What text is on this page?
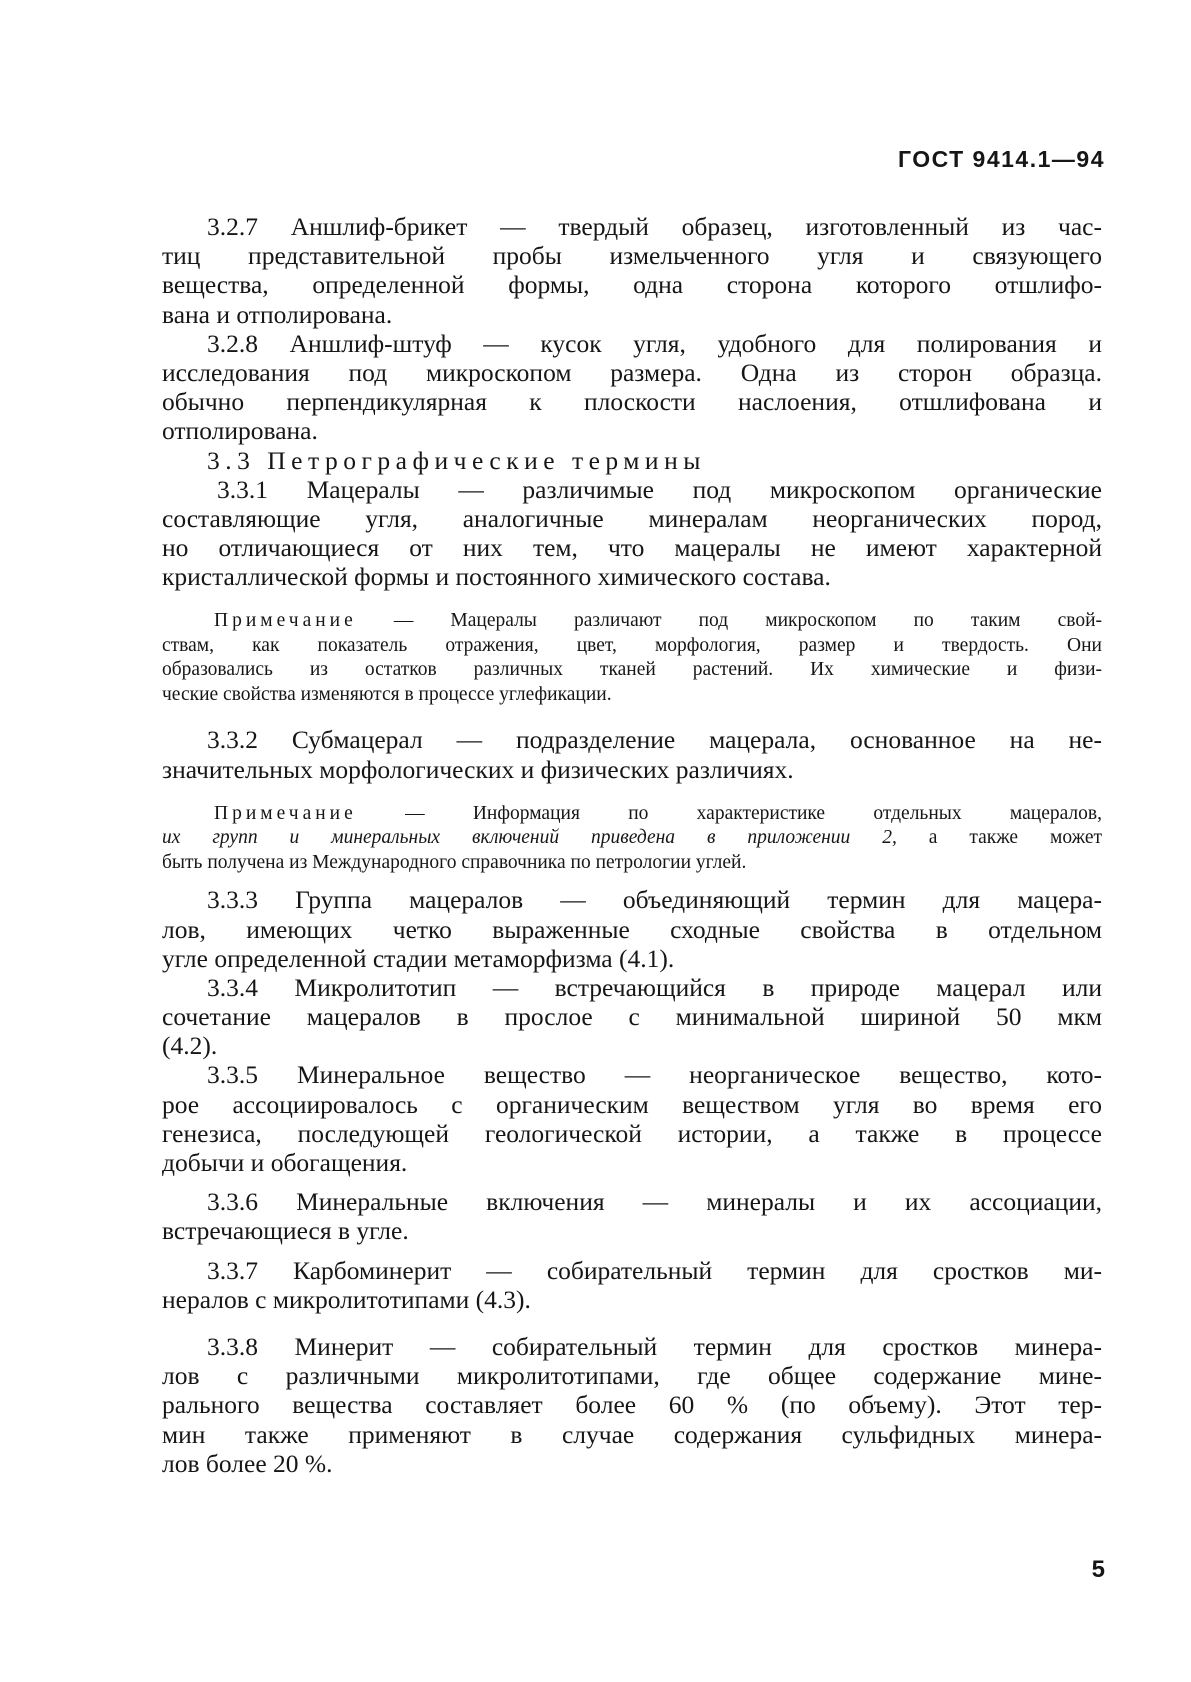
ГОСТ 9414.1—94
3.2.7 Аншлиф-брикет — твердый образец, изготовленный из час-
тиц представительной пробы измельченного угля и связующего
вещества, определенной формы, одна сторона которого отшлифо-
вана и отполирована.
3.2.8 Аншлиф-штуф — кусок угля, удобного для полирования и
исследования под микроскопом размера. Одна из сторон образца.
обычно перпендикулярная к плоскости наслоения, отшлифована и
отполирована.
3.3 Петрографические термины
3.3.1 Мацералы — различимые под микроскопом органические
составляющие угля, аналогичные минералам неорганических пород,
но отличающиеся от них тем, что мацералы не имеют характерной
кристаллической формы и постоянного химического состава.
Примечание — Мацералы различают под микроскопом по таким свой-
ствам, как показатель отражения, цвет, морфология, размер и твердость. Они
образовались из остатков различных тканей растений. Их химические и физи-
ческие свойства изменяются в процессе углефикации.
3.3.2 Субмацерал — подразделение мацерала, основанное на не-
значительных морфологических и физических различиях.
Примечание — Информация по характеристике отдельных мацералов,
их групп и минеральных включений приведена в приложении 2, а также может
быть получена из Международного справочника по петрологии углей.
3.3.3 Группа мацералов — объединяющий термин для мацера-
лов, имеющих четко выраженные сходные свойства в отдельном
угле определенной стадии метаморфизма (4.1).
3.3.4 Микролитотип — встречающийся в природе мацерал или
сочетание мацералов в прослое с минимальной шириной 50 мкм
(4.2).
3.3.5 Минеральное вещество — неорганическое вещество, кото-
рое ассоциировалось с органическим веществом угля во время его
генезиса, последующей геологической истории, а также в процессе
добычи и обогащения.
3.3.6 Минеральные включения — минералы и их ассоциации,
встречающиеся в угле.
3.3.7 Карбоминерит — собирательный термин для сростков ми-
нералов с микролитотипами (4.3).
3.3.8 Минерит — собирательный термин для сростков минера-
лов с различными микролитотипами, где общее содержание мине-
рального вещества составляет более 60 % (по объему). Этот тер-
мин также применяют в случае содержания сульфидных минера-
лов более 20 %.
5
